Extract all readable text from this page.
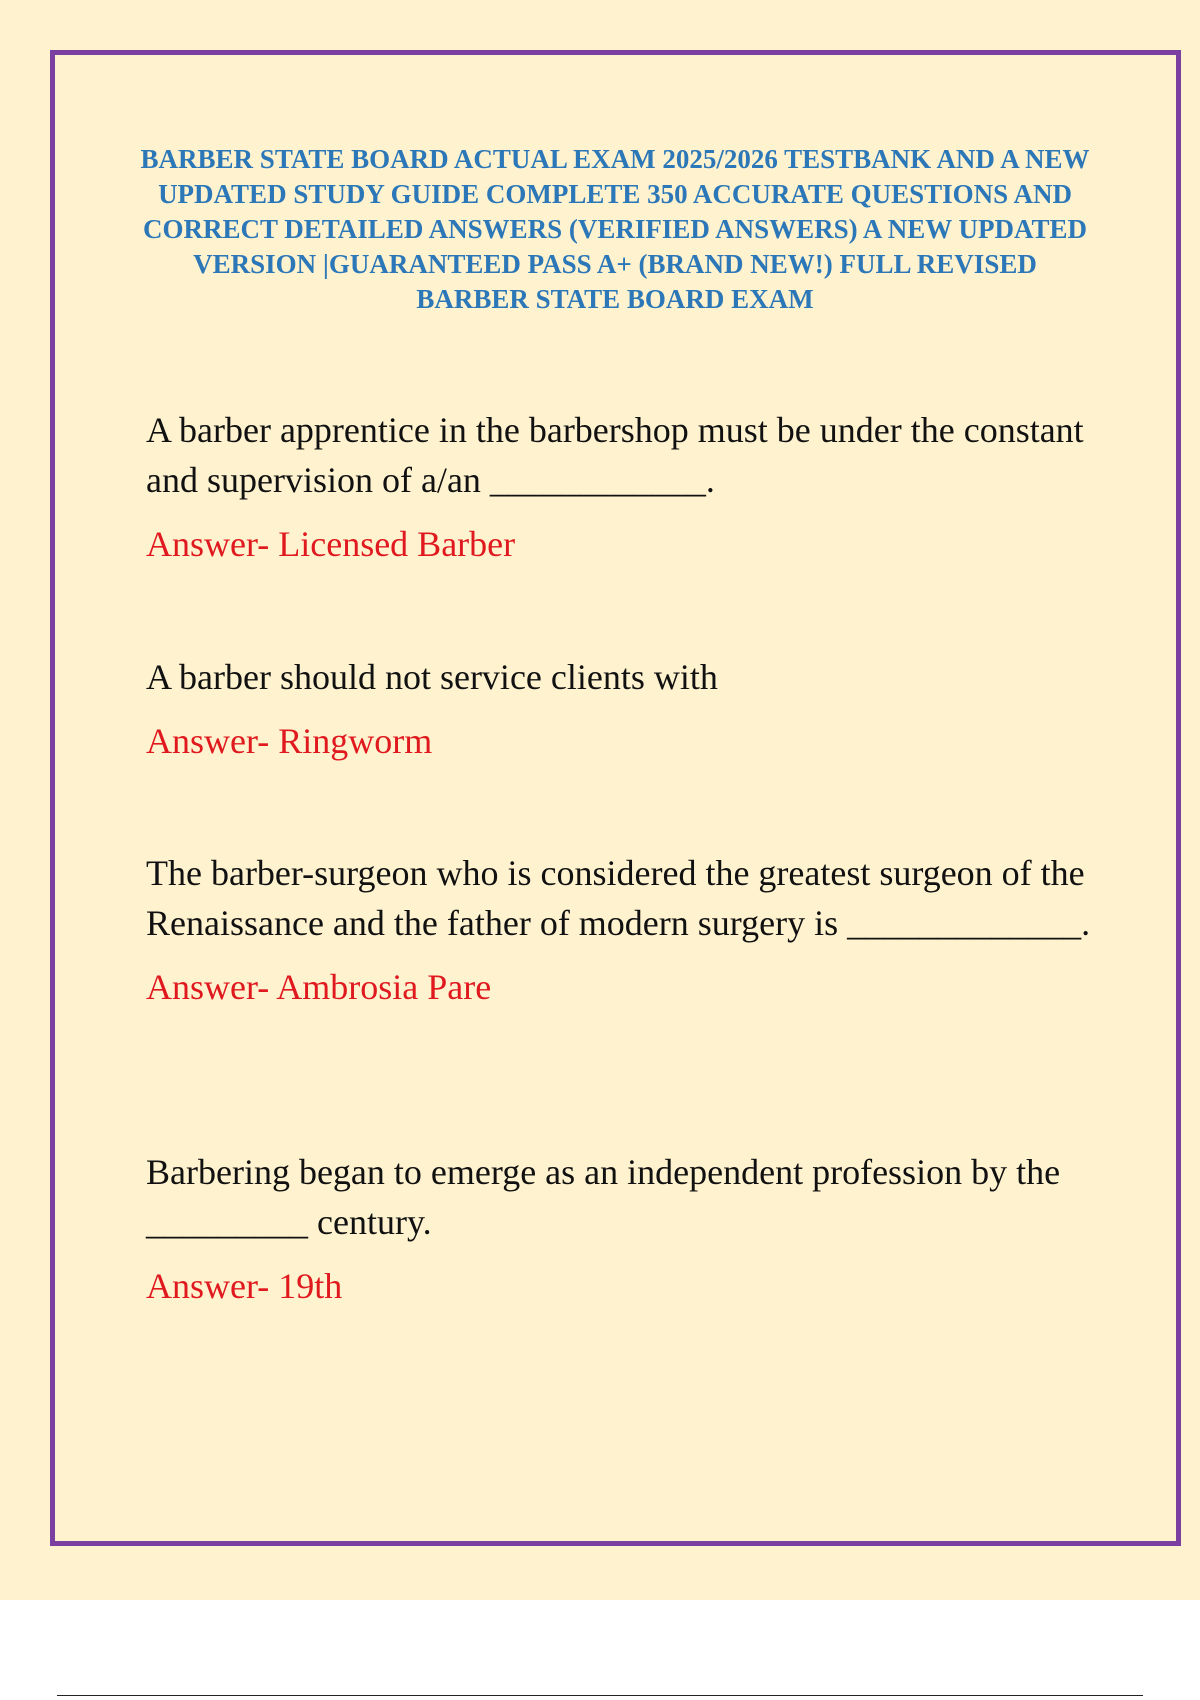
BARBER STATE BOARD ACTUAL EXAM 2025/2026 TESTBANK AND A NEW UPDATED STUDY GUIDE COMPLETE 350 ACCURATE QUESTIONS AND CORRECT DETAILED ANSWERS (VERIFIED ANSWERS) A NEW UPDATED VERSION |GUARANTEED PASS A+ (BRAND NEW!) FULL REVISED BARBER STATE BOARD EXAM

A barber apprentice in the barbershop must be under the constant and supervision of a/an ____________.

Answer- Licensed Barber

A barber should not service clients with

Answer- Ringworm

The barber-surgeon who is considered the greatest surgeon of the Renaissance and the father of modern surgery is _____________.

Answer- Ambrosia Pare

Barbering began to emerge as an independent profession by the _________ century.

Answer- 19th
